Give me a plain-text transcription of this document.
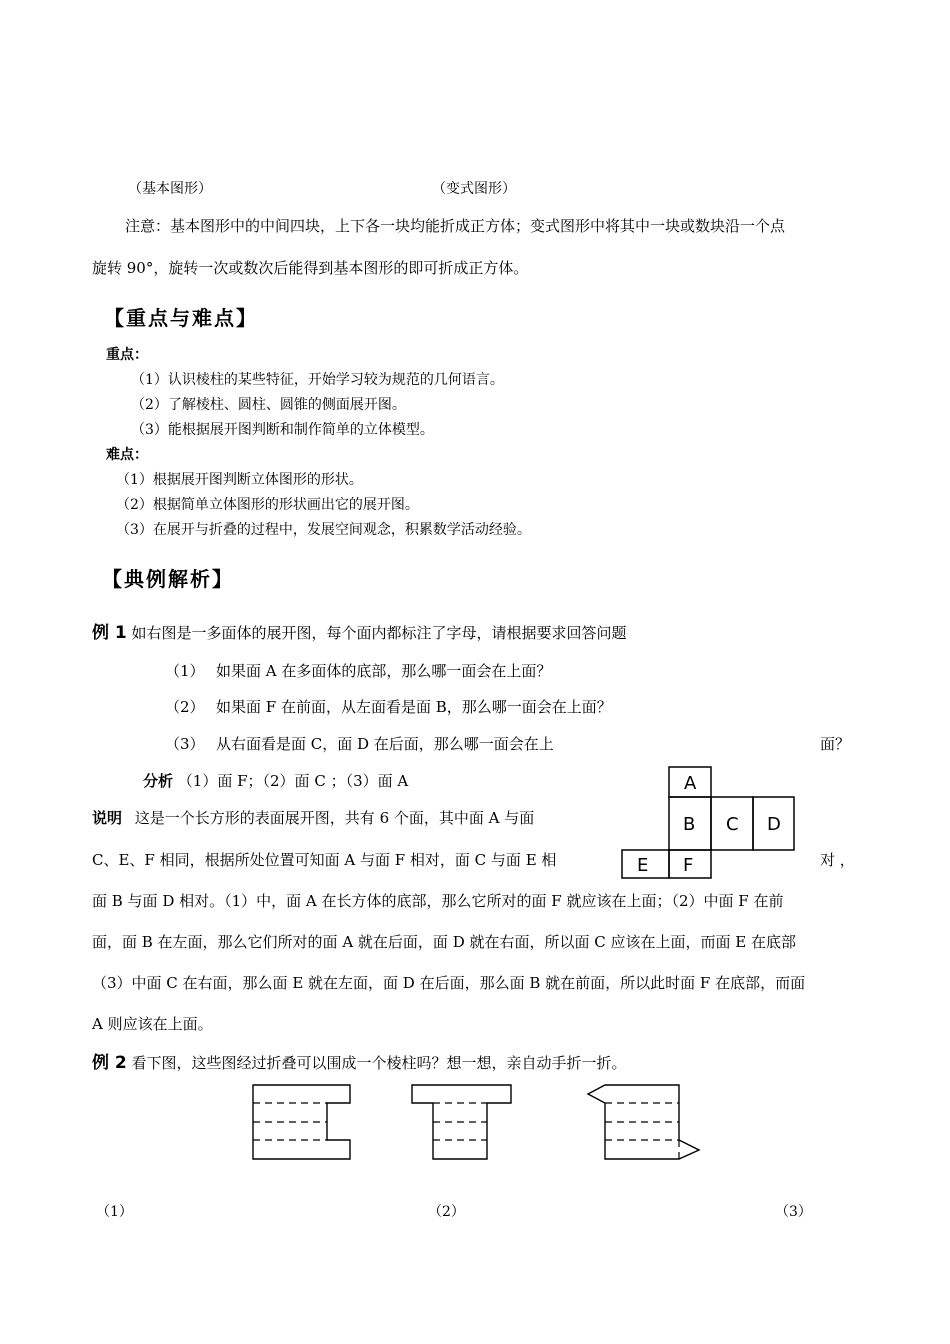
（基本图形）	（变式图形）
注意：基本图形中的中间四块，上下各一块均能折成正方体；变式图形中将其中一块或数块沿一个点
旋转 90°，旋转一次或数次后能得到基本图形的即可折成正方体。
【重点与难点】
重点：
（1）认识棱柱的某些特征，开始学习较为规范的几何语言。
（2）了解棱柱、圆柱、圆锥的侧面展开图。
（3）能根据展开图判断和制作简单的立体模型。
难点：
（1）根据展开图判断立体图形的形状。
（2）根据简单立体图形的形状画出它的展开图。
（3）在展开与折叠的过程中，发展空间观念，积累数学活动经验。
【典例解析】
例 1 如右图是一多面体的展开图，每个面内都标注了字母，请根据要求回答问题
（1） 如果面 A 在多面体的底部，那么哪一面会在上面？
（2） 如果面 F 在前面，从左面看是面 B，那么哪一面会在上面？
（3） 从右面看是面 C，面 D 在后面，那么哪一面会在上	面？
分析 （1）面 F；（2）面 C ；（3）面 A
说明 这是一个长方形的表面展开图，共有 6 个面，其中面 A 与面
C、E、F 相同，根据所处位置可知面 A 与面 F 相对，面 C 与面 E 相	对 ，
面 B 与面 D 相对。（1）中，面 A 在长方体的底部，那么它所对的面 F 就应该在上面；（2）中面 F 在前
面，面 B 在左面，那么它们所对的面 A 就在后面，面 D 就在右面，所以面 C 应该在上面，而面 E 在底部
（3）中面 C 在右面，那么面 E 就在左面，面 D 在后面，那么面 B 就在前面，所以此时面 F 在底部，而面
A 则应该在上面。
A
B C D
E F
例 2 看下图，这些图经过折叠可以围成一个棱柱吗？想一想，亲自动手折一折。
（1）	（2）	（3）
